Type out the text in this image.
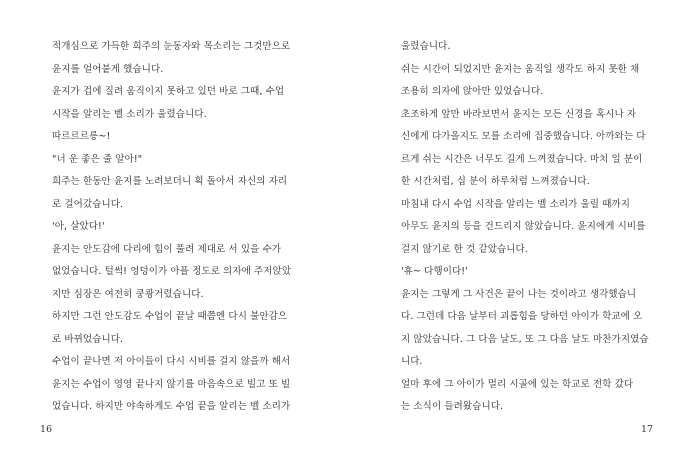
적개심으로 가득한 희주의 눈동자와 목소리는 그것만으로
윤지를 얼어붙게 했습니다.
윤지가 겁에 질려 움직이지 못하고 있던 바로 그때, 수업
시작을 알리는 벨 소리가 울렸습니다.
따르르르릉~!
"너 운 좋은 줄 알아!"
희주는 한동안 윤지를 노려보더니 획 돌아서 자신의 자리
로 걸어갔습니다.
'아, 살았다!'
윤지는 안도감에 다리에 힘이 풀려 제대로 서 있을 수가
없었습니다. 털썩! 엉덩이가 아플 정도로 의자에 주저앉았
지만 심장은 여전히 쿵쾅거렸습니다.
하지만 그런 안도감도 수업이 끝날 때쯤엔 다시 불안감으
로 바뀌었습니다.
수업이 끝나면 저 아이들이 다시 시비를 걸지 않을까 해서
윤지는 수업이 영영 끝나지 않기를 마음속으로 빌고 또 빌
었습니다. 하지만 야속하게도 수업 끝을 알리는 벨 소리가
울렸습니다.
쉬는 시간이 되었지만 윤지는 움직일 생각도 하지 못한 채
조용히 의자에 앉아만 있었습니다.
초조하게 앞만 바라보면서 윤지는 모든 신경을 혹시나 자
신에게 다가올지도 모를 소리에 집중했습니다. 아까와는 다
르게 쉬는 시간은 너무도 길게 느껴졌습니다. 마치 일 분이
한 시간처럼, 십 분이 하루처럼 느껴졌습니다.
마침내 다시 수업 시작을 알리는 벨 소리가 울릴 때까지
아무도 윤지의 등을 건드리지 않았습니다. 윤지에게 시비를
걸지 않기로 한 것 같았습니다.
'휴~ 다행이다!'
윤지는 그렇게 그 사건은 끝이 나는 것이라고 생각했습니
다. 그런데 다음 날부터 괴롭힘을 당하던 아이가 학교에 오
지 않았습니다. 그 다음 날도, 또 그 다음 날도 마찬가지였습
니다.
얼마 후에 그 아이가 멀리 시골에 있는 학교로 전학 갔다
는 소식이 들려왔습니다.
16	17
